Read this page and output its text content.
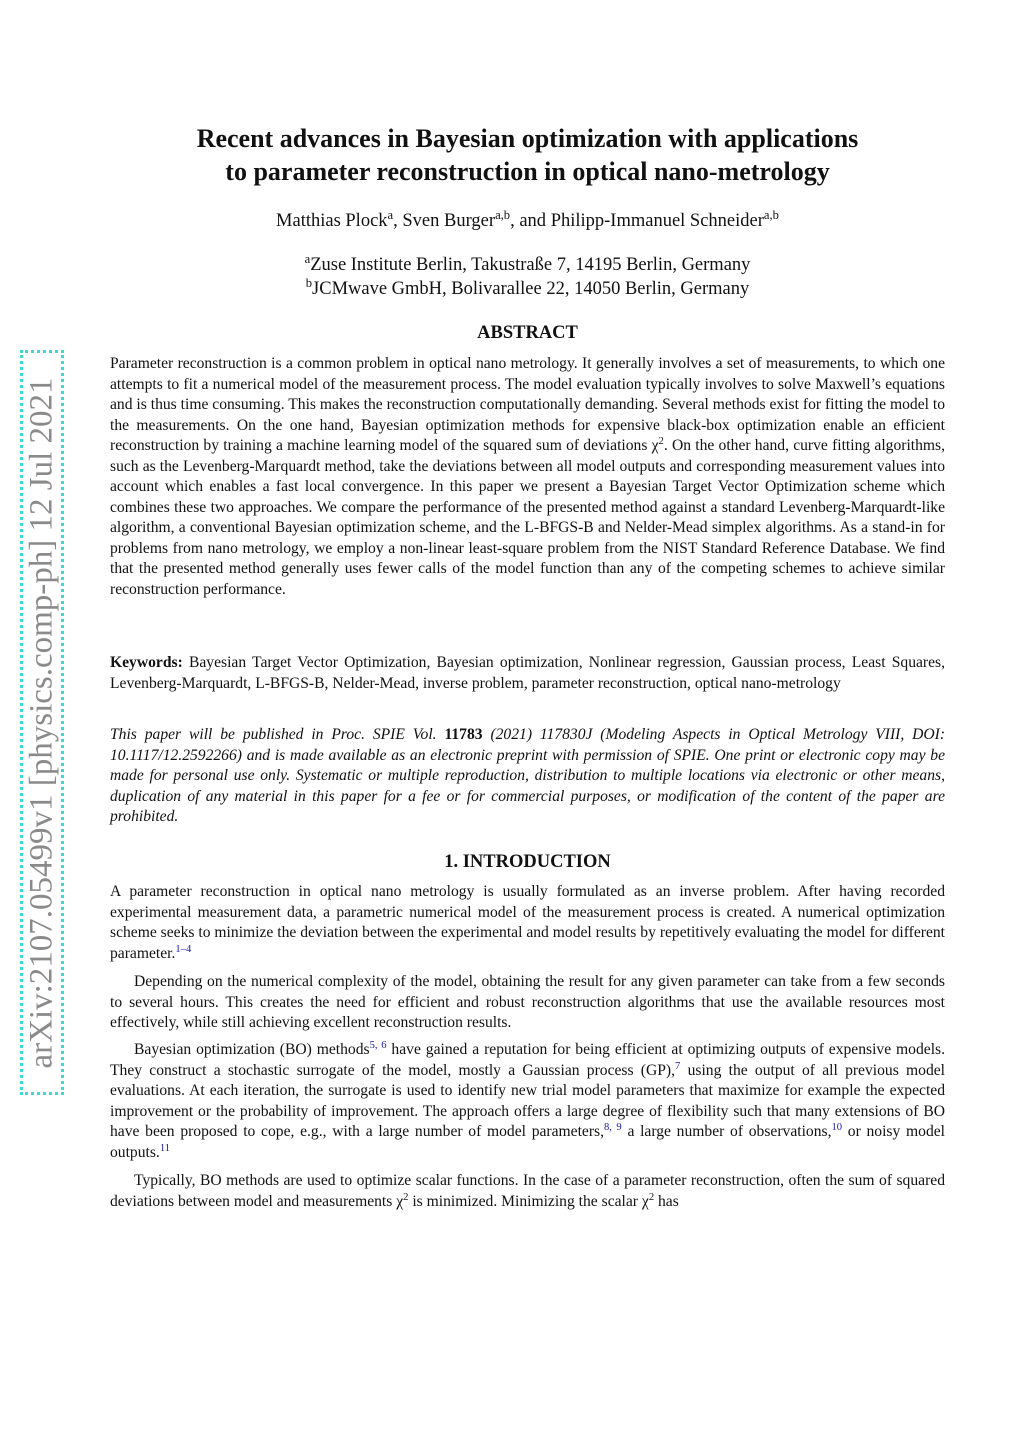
arXiv:2107.05499v1 [physics.comp-ph] 12 Jul 2021
Recent advances in Bayesian optimization with applications
to parameter reconstruction in optical nano-metrology
Matthias Plock$^a$, Sven Burger$^{a,b}$, and Philipp-Immanuel Schneider$^{a,b}$
$^a$Zuse Institute Berlin, Takustraße 7, 14195 Berlin, Germany
$^b$JCMwave GmbH, Bolivarallee 22, 14050 Berlin, Germany
ABSTRACT
Parameter reconstruction is a common problem in optical nano metrology. It generally involves a set of measurements, to which one attempts to fit a numerical model of the measurement process. The model evaluation typically involves to solve Maxwell’s equations and is thus time consuming. This makes the reconstruction computationally demanding. Several methods exist for fitting the model to the measurements. On the one hand, Bayesian optimization methods for expensive black-box optimization enable an efficient reconstruction by training a machine learning model of the squared sum of deviations $\chi^2$. On the other hand, curve fitting algorithms, such as the Levenberg-Marquardt method, take the deviations between all model outputs and corresponding measurement values into account which enables a fast local convergence. In this paper we present a Bayesian Target Vector Optimization scheme which combines these two approaches. We compare the performance of the presented method against a standard Levenberg-Marquardt-like algorithm, a conventional Bayesian optimization scheme, and the L-BFGS-B and Nelder-Mead simplex algorithms. As a stand-in for problems from nano metrology, we employ a non-linear least-square problem from the NIST Standard Reference Database. We find that the presented method generally uses fewer calls of the model function than any of the competing schemes to achieve similar reconstruction performance.
Keywords: Bayesian Target Vector Optimization, Bayesian optimization, Nonlinear regression, Gaussian process, Least Squares, Levenberg-Marquardt, L-BFGS-B, Nelder-Mead, inverse problem, parameter reconstruction, optical nano-metrology
This paper will be published in Proc. SPIE Vol. 11783 (2021) 117830J (Modeling Aspects in Optical Metrology VIII, DOI: 10.1117/12.2592266) and is made available as an electronic preprint with permission of SPIE. One print or electronic copy may be made for personal use only. Systematic or multiple reproduction, distribution to multiple locations via electronic or other means, duplication of any material in this paper for a fee or for commercial purposes, or modification of the content of the paper are prohibited.
1. INTRODUCTION
A parameter reconstruction in optical nano metrology is usually formulated as an inverse problem. After having recorded experimental measurement data, a parametric numerical model of the measurement process is created. A numerical optimization scheme seeks to minimize the deviation between the experimental and model results by repetitively evaluating the model for different parameter.$^{1-4}$
Depending on the numerical complexity of the model, obtaining the result for any given parameter can take from a few seconds to several hours. This creates the need for efficient and robust reconstruction algorithms that use the available resources most effectively, while still achieving excellent reconstruction results.
Bayesian optimization (BO) methods$^{5, 6}$ have gained a reputation for being efficient at optimizing outputs of expensive models. They construct a stochastic surrogate of the model, mostly a Gaussian process (GP),$^7$ using the output of all previous model evaluations. At each iteration, the surrogate is used to identify new trial model parameters that maximize for example the expected improvement or the probability of improvement. The approach offers a large degree of flexibility such that many extensions of BO have been proposed to cope, e.g., with a large number of model parameters,$^{8, 9}$ a large number of observations,$^{10}$ or noisy model outputs.$^{11}$
Typically, BO methods are used to optimize scalar functions. In the case of a parameter reconstruction, often the sum of squared deviations between model and measurements $\chi^2$ is minimized. Minimizing the scalar $\chi^2$ has
